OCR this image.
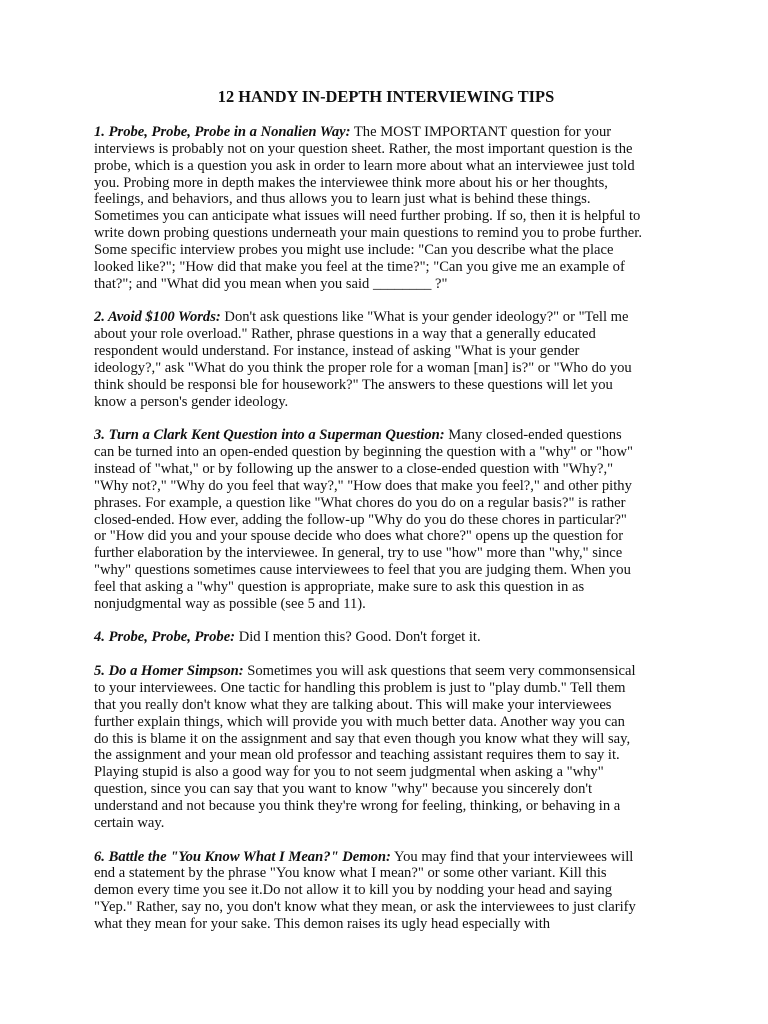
12 HANDY IN-DEPTH INTERVIEWING TIPS
1. Probe, Probe, Probe in a Nonalien Way: The MOST IMPORTANT question for your
interviews is probably not on your question sheet. Rather, the most important question is the
probe, which is a question you ask in order to learn more about what an interviewee just told
you. Probing more in depth makes the interviewee think more about his or her thoughts,
feelings, and behaviors, and thus allows you to learn just what is behind these things.
Sometimes you can anticipate what issues will need further probing. If so, then it is helpful to
write down probing questions underneath your main questions to remind you to probe further.
Some specific interview probes you might use include: "Can you describe what the place
looked like?"; "How did that make you feel at the time?"; "Can you give me an example of
that?"; and "What did you mean when you said ________ ?"
2. Avoid $100 Words: Don't ask questions like "What is your gender ideology?" or "Tell me
about your role overload." Rather, phrase questions in a way that a generally educated
respondent would understand. For instance, instead of asking "What is your gender
ideology?," ask "What do you think the proper role for a woman [man] is?" or "Who do you
think should be responsi ble for housework?" The answers to these questions will let you
know a person's gender ideology.
3. Turn a Clark Kent Question into a Superman Question: Many closed-ended questions
can be turned into an open-ended question by beginning the question with a "why" or "how"
instead of "what," or by following up the answer to a close-ended question with "Why?,"
"Why not?," "Why do you feel that way?," "How does that make you feel?," and other pithy
phrases. For example, a question like "What chores do you do on a regular basis?" is rather
closed-ended. How ever, adding the follow-up "Why do you do these chores in particular?"
or "How did you and your spouse decide who does what chore?" opens up the question for
further elaboration by the interviewee. In general, try to use "how" more than "why," since
"why" questions sometimes cause interviewees to feel that you are judging them. When you
feel that asking a "why" question is appropriate, make sure to ask this question in as
nonjudgmental way as possible (see 5 and 11).
4. Probe, Probe, Probe: Did I mention this? Good. Don't forget it.
5. Do a Homer Simpson: Sometimes you will ask questions that seem very commonsensical
to your interviewees. One tactic for handling this problem is just to "play dumb." Tell them
that you really don't know what they are talking about. This will make your interviewees
further explain things, which will provide you with much better data. Another way you can
do this is blame it on the assignment and say that even though you know what they will say,
the assignment and your mean old professor and teaching assistant requires them to say it.
Playing stupid is also a good way for you to not seem judgmental when asking a "why"
question, since you can say that you want to know "why" because you sincerely don't
understand and not because you think they're wrong for feeling, thinking, or behaving in a
certain way.
6. Battle the "You Know What I Mean?" Demon: You may find that your interviewees will
end a statement by the phrase "You know what I mean?" or some other variant. Kill this
demon every time you see it.Do not allow it to kill you by nodding your head and saying
"Yep." Rather, say no, you don't know what they mean, or ask the interviewees to just clarify
what they mean for your sake. This demon raises its ugly head especially with
